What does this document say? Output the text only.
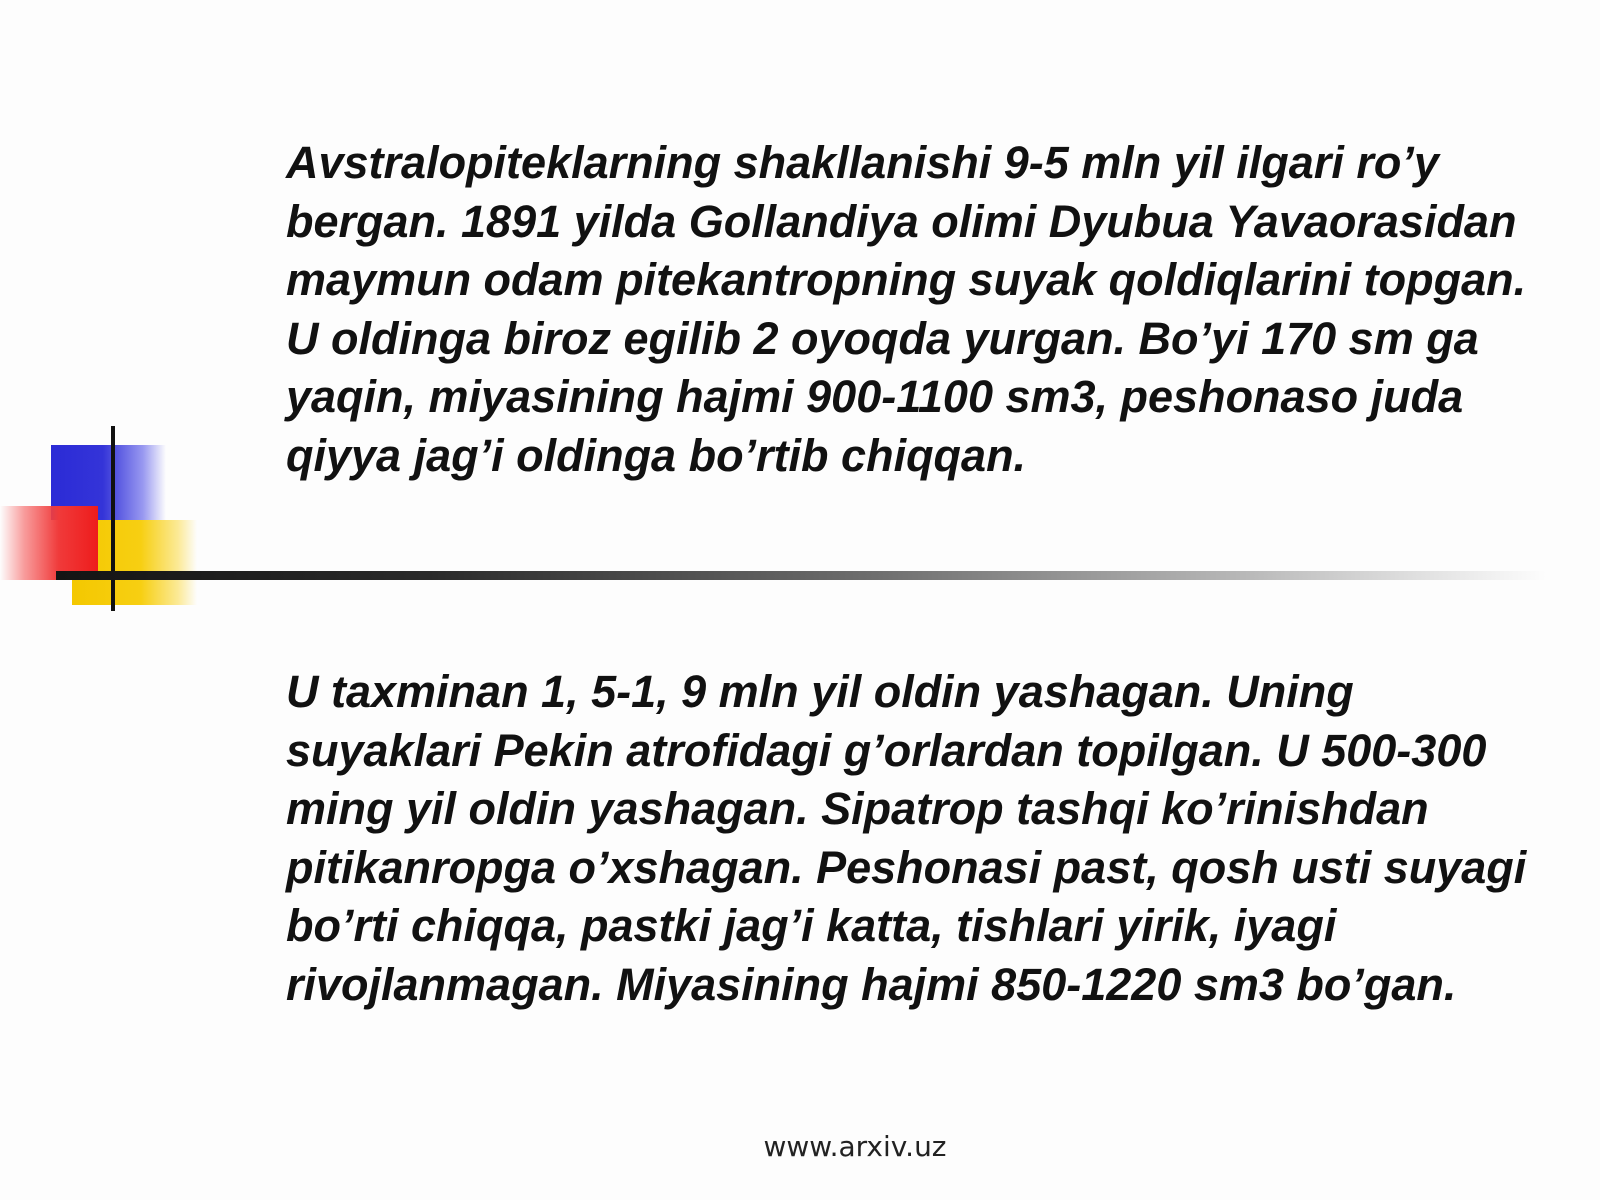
Avstralopiteklarning shakllanishi 9-5 mln yil ilgari ro’y bergan. 1891 yilda Gollandiya olimi Dyubua Yavaorasidan maymun odam pitekantropning suyak qoldiqlarini topgan. U oldinga biroz egilib 2 oyoqda yurgan. Bo’yi 170 sm ga yaqin, miyasining hajmi 900-1100 sm3, peshonaso juda qiyya jag’i oldinga bo’rtib chiqqan.

U taxminan 1, 5-1, 9 mln yil oldin yashagan. Uning suyaklari Pekin atrofidagi g’orlardan topilgan. U 500-300 ming yil oldin yashagan. Sipatrop tashqi ko’rinishdan pitikanropga o’xshagan. Peshonasi past, qosh usti suyagi bo’rti chiqqa, pastki jag’i katta, tishlari yirik, iyagi rivojlanmagan. Miyasining hajmi 850-1220 sm3 bo’gan.

www.arxiv.uz
